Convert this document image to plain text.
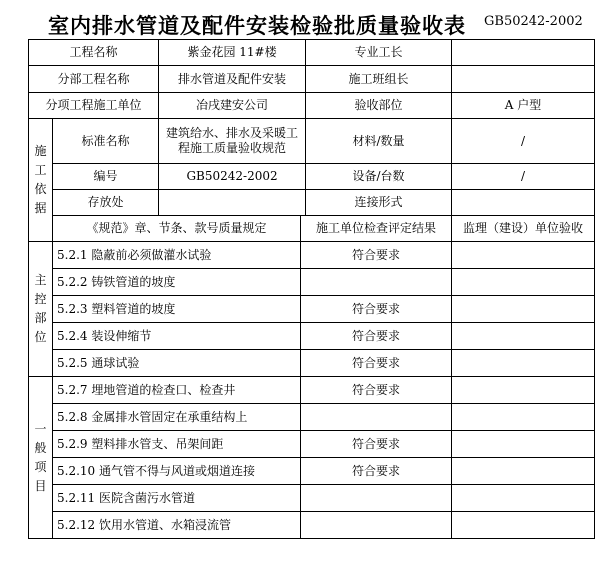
室内排水管道及配件安装检验批质量验收表 GB50242-2002
工程名称		紫金花园 11#楼		专业工长	
分部工程名称		排水管道及配件安装		施工班组长	
分项工程施工单位		冶戌建安公司		验收部位	A 户型

施
工
依
据	标准名称	建筑给水、排水及采暖工程施工质量验收规范		材料/数量	/
	编号	GB50242-2002		设备/台数	/
	存放处			连接形式	
	《规范》章、节条、款号质量规定		施工单位检查评定结果		监理（建设）单位验收

主
控
部
位	5.2.1 隐蔽前必须做灌水试验		符合要求		
	5.2.2 铸铁管道的坡度				
	5.2.3 塑料管道的坡度		符合要求		
	5.2.4 装设伸缩节		符合要求		
	5.2.5 通球试验		符合要求		

一
般
项
目	5.2.7 埋地管道的检查口、检查井		符合要求		
	5.2.8 金属排水管固定在承重结构上				
	5.2.9 塑料排水管支、吊架间距		符合要求		
	5.2.10 通气管不得与风道或烟道连接		符合要求		
	5.2.11 医院含菌污水管道				
	5.2.12 饮用水管道、水箱浸流管				
